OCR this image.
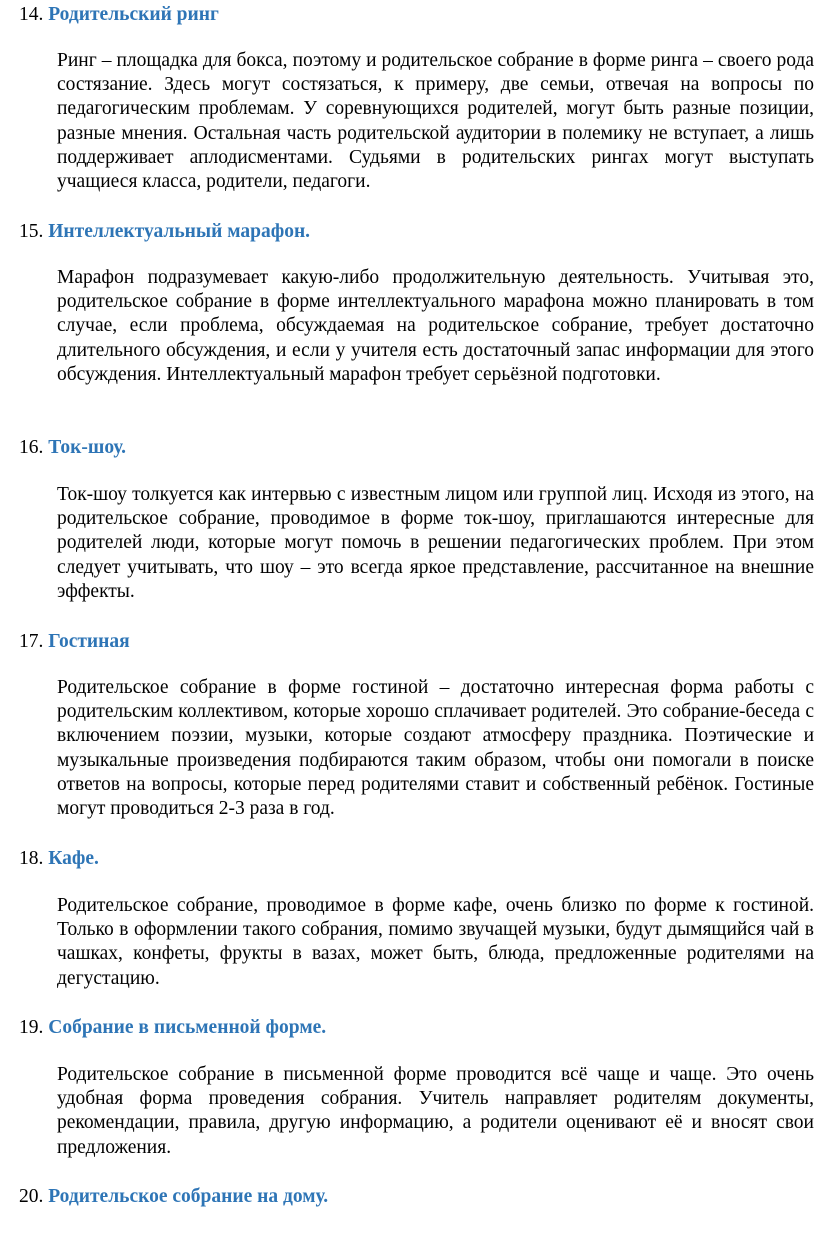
14. Родительский ринг
Ринг – площадка для бокса, поэтому и родительское собрание в форме ринга – своего рода состязание. Здесь могут состязаться, к примеру, две семьи, отвечая на вопросы по педагогическим проблемам. У соревнующихся родителей, могут быть разные позиции, разные мнения. Остальная часть родительской аудитории в полемику не вступает, а лишь поддерживает аплодисментами. Судьями в родительских рингах могут выступать учащиеся класса, родители, педагоги.
15. Интеллектуальный марафон.
Марафон подразумевает какую-либо продолжительную деятельность. Учитывая это, родительское собрание в форме интеллектуального марафона можно планировать в том случае, если проблема, обсуждаемая на родительское собрание, требует достаточно длительного обсуждения, и если у учителя есть достаточный запас информации для этого обсуждения. Интеллектуальный марафон требует серьёзной подготовки.
16. Ток-шоу.
Ток-шоу толкуется как интервью с известным лицом или группой лиц. Исходя из этого, на родительское собрание, проводимое в форме ток-шоу, приглашаются интересные для родителей люди, которые могут помочь в решении педагогических проблем. При этом следует учитывать, что шоу – это всегда яркое представление, рассчитанное на внешние эффекты.
17. Гостиная
Родительское собрание в форме гостиной – достаточно интересная форма работы с родительским коллективом, которые хорошо сплачивает родителей. Это собрание-беседа с включением поэзии, музыки, которые создают атмосферу праздника. Поэтические и музыкальные произведения подбираются таким образом, чтобы они помогали в поиске ответов на вопросы, которые перед родителями ставит и собственный ребёнок. Гостиные могут проводиться 2-3 раза в год.
18. Кафе.
Родительское собрание, проводимое в форме кафе, очень близко по форме к гостиной. Только в оформлении такого собрания, помимо звучащей музыки, будут дымящийся чай в чашках, конфеты, фрукты в вазах, может быть, блюда, предложенные родителями на дегустацию.
19. Собрание в письменной форме.
Родительское собрание в письменной форме проводится всё чаще и чаще. Это очень удобная форма проведения собрания. Учитель направляет родителям документы, рекомендации, правила, другую информацию, а родители оценивают её и вносят свои предложения.
20. Родительское собрание на дому.
